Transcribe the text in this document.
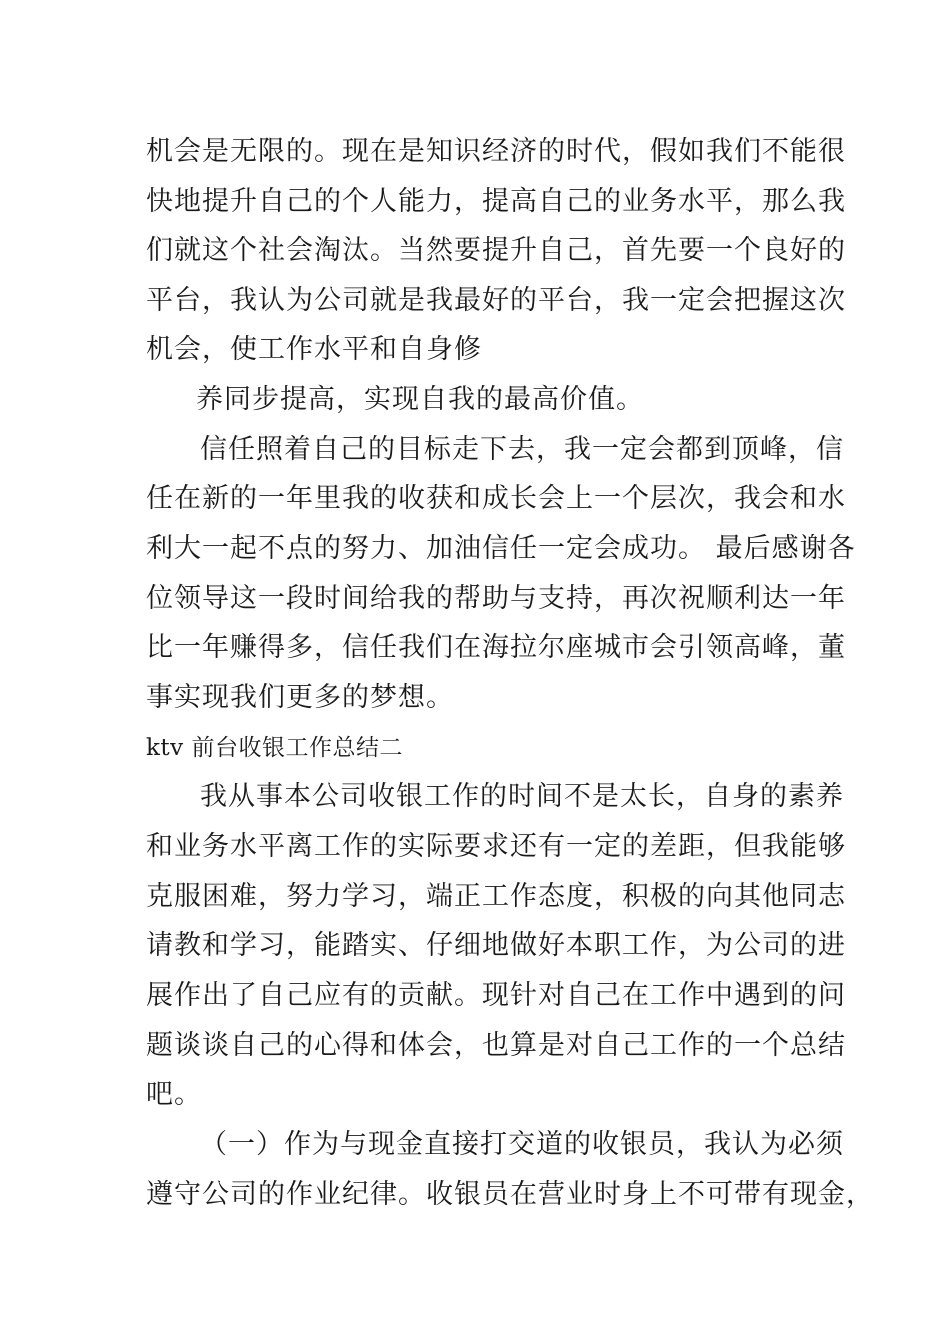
机会是无限的。现在是知识经济的时代，假如我们不能很
快地提升自己的个人能力，提高自己的业务水平，那么我
们就这个社会淘汰。当然要提升自己，首先要一个良好的
平台，我认为公司就是我最好的平台，我一定会把握这次
机会，使工作水平和自身修
养同步提高，实现自我的最高价值。
信任照着自己的目标走下去，我一定会都到顶峰，信
任在新的一年里我的收获和成长会上一个层次，我会和水
利大一起不点的努力、加油信任一定会成功。 最后感谢各
位领导这一段时间给我的帮助与支持，再次祝顺利达一年
比一年赚得多，信任我们在海拉尔座城市会引领高峰，董
事实现我们更多的梦想。
ktv 前台收银工作总结二
我从事本公司收银工作的时间不是太长，自身的素养
和业务水平离工作的实际要求还有一定的差距，但我能够
克服困难，努力学习，端正工作态度，积极的向其他同志
请教和学习，能踏实、仔细地做好本职工作，为公司的进
展作出了自己应有的贡献。现针对自己在工作中遇到的问
题谈谈自己的心得和体会，也算是对自己工作的一个总结
吧。
（一）作为与现金直接打交道的收银员，我认为必须
遵守公司的作业纪律。收银员在营业时身上不可带有现金，
